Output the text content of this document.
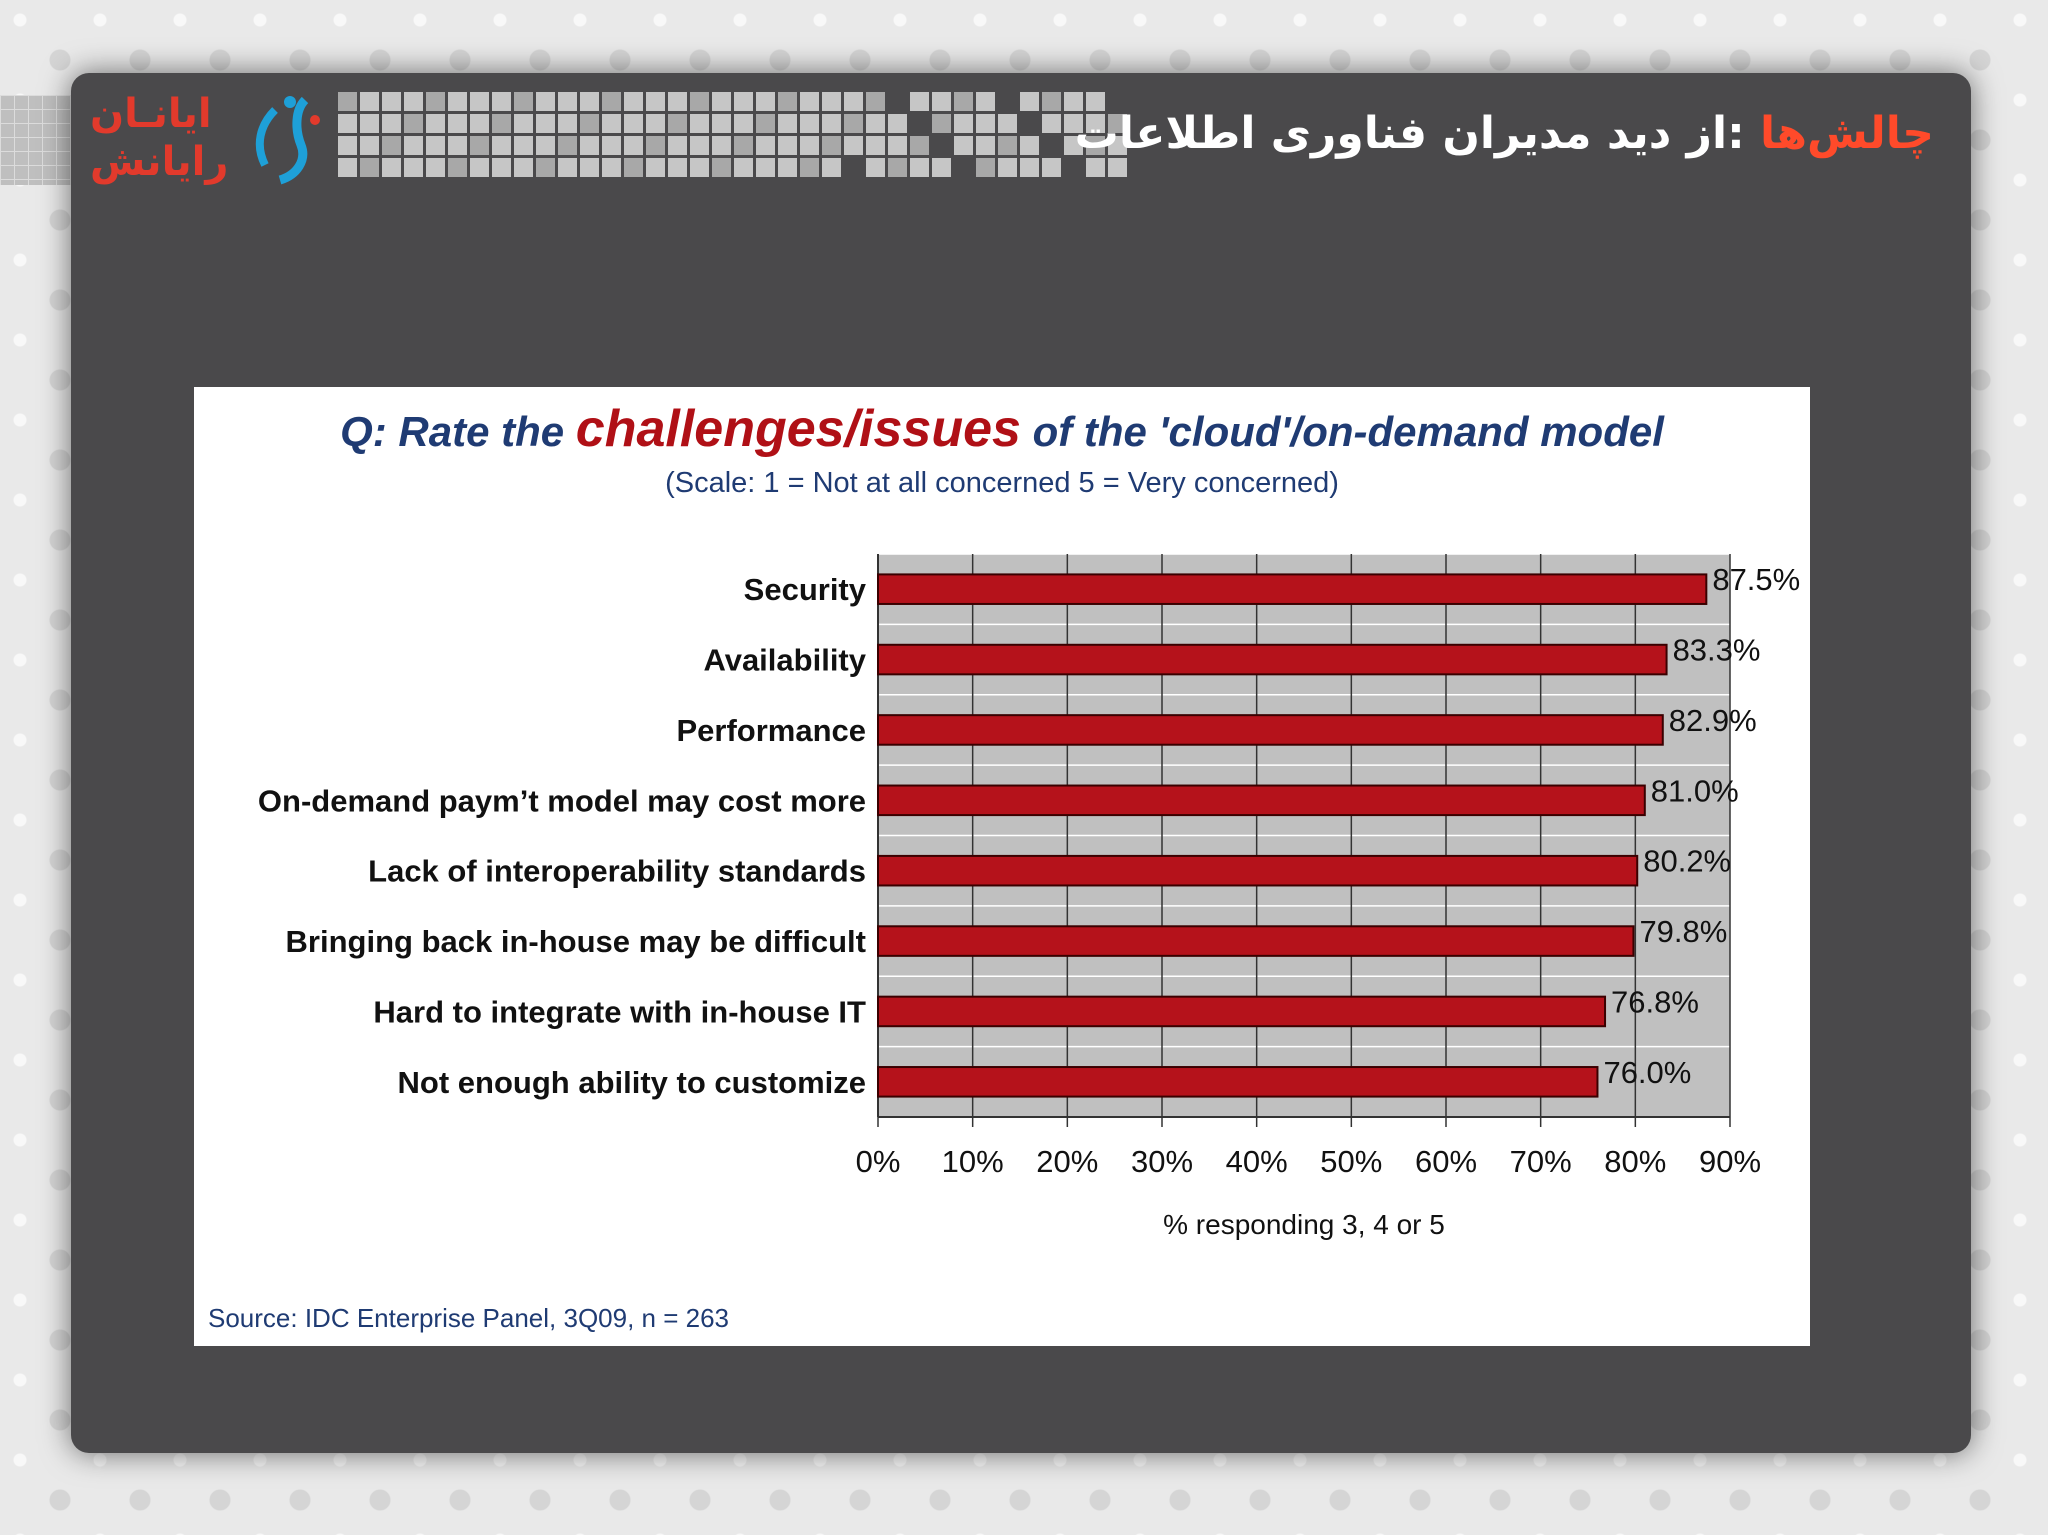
ایانـان
رایانش
چالش‌ها :از دید مدیران فناوری اطلاعات
Q: Rate the challenges/issues of the 'cloud'/on-demand model
(Scale: 1 = Not at all concerned 5 = Very concerned)
0% 10% 20% 30% 40% 50% 60% 70% 80% 90%
Security	87.5%
Availability	83.3%
Performance	82.9%
On-demand paym’t model may cost more	81.0%
Lack of interoperability standards	80.2%
Bringing back in-house may be difficult	79.8%
Hard to integrate with in-house IT	76.8%
Not enough ability to customize	76.0%
% responding 3, 4 or 5
Source: IDC Enterprise Panel, 3Q09, n = 263
